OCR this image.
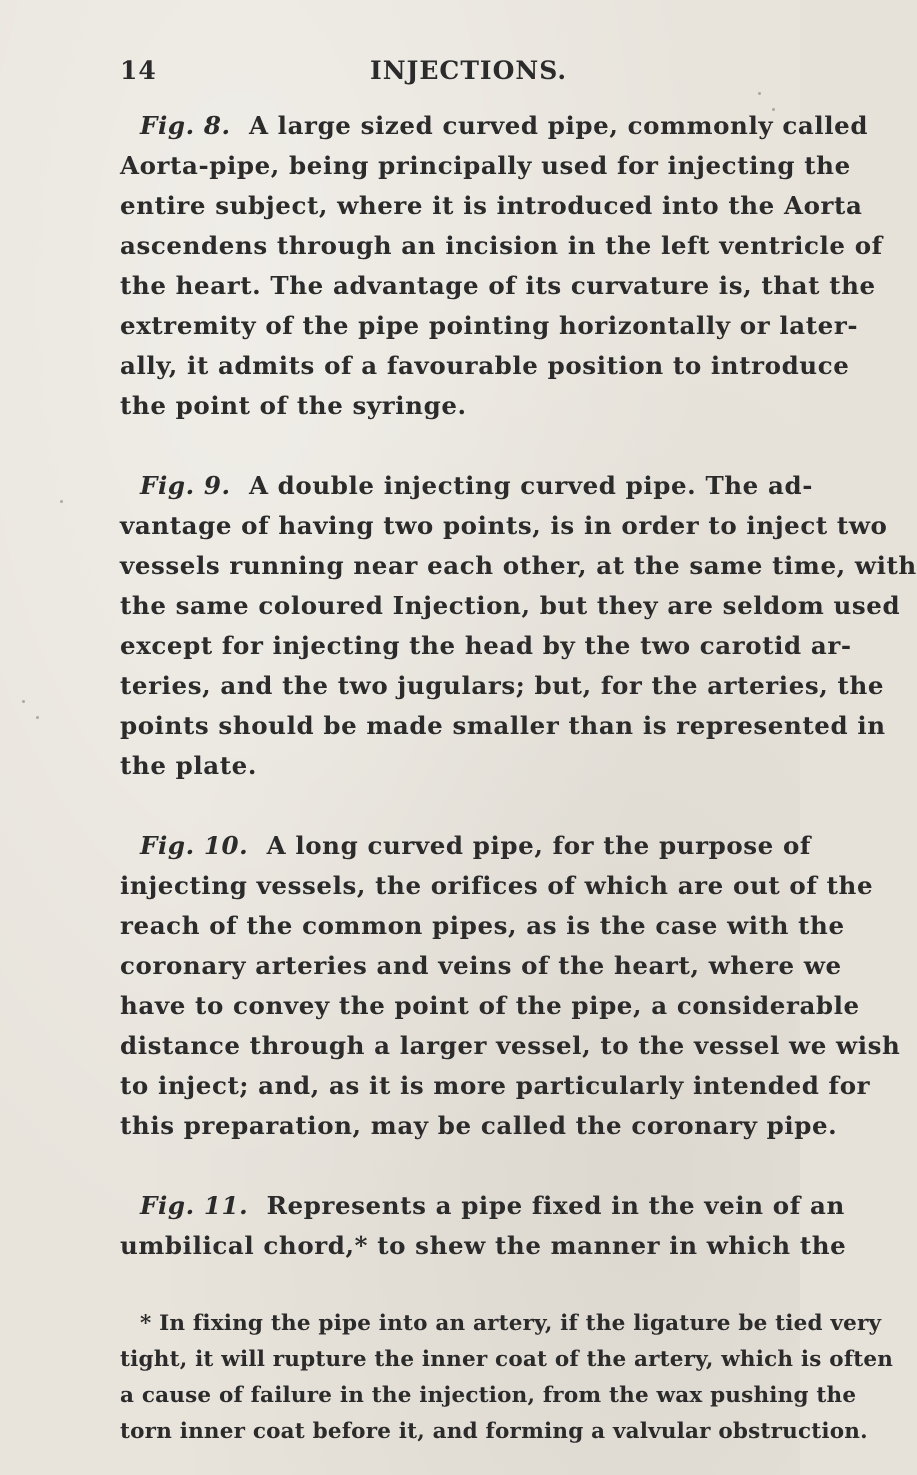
14	INJECTIONS.
Fig. 8. A large sized curved pipe, commonly called
Aorta-pipe, being principally used for injecting the
entire subject, where it is introduced into the Aorta
ascendens through an incision in the left ventricle of
the heart. The advantage of its curvature is, that the
extremity of the pipe pointing horizontally or later-
ally, it admits of a favourable position to introduce
the point of the syringe.
Fig. 9. A double injecting curved pipe. The ad-
vantage of having two points, is in order to inject two
vessels running near each other, at the same time, with
the same coloured Injection, but they are seldom used
except for injecting the head by the two carotid ar-
teries, and the two jugulars; but, for the arteries, the
points should be made smaller than is represented in
the plate.
Fig. 10. A long curved pipe, for the purpose of
injecting vessels, the orifices of which are out of the
reach of the common pipes, as is the case with the
coronary arteries and veins of the heart, where we
have to convey the point of the pipe, a considerable
distance through a larger vessel, to the vessel we wish
to inject; and, as it is more particularly intended for
this preparation, may be called the coronary pipe.
Fig. 11. Represents a pipe fixed in the vein of an
umbilical chord,* to shew the manner in which the
* In fixing the pipe into an artery, if the ligature be tied very
tight, it will rupture the inner coat of the artery, which is often
a cause of failure in the injection, from the wax pushing the
torn inner coat before it, and forming a valvular obstruction.
